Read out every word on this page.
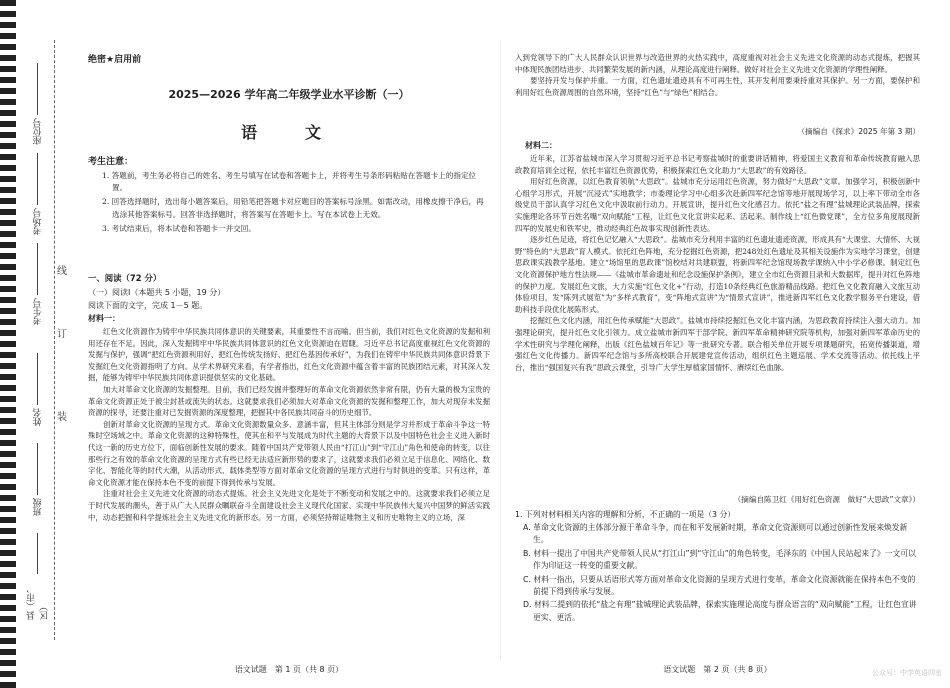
座位号
考场号
考生号
姓名
班级
县（市、区）
线
订
装
绝密★启用前
2025—2026 学年高二年级学业水平诊断（一）
语　文
考生注意：

1. 答题前，考生务必将自己的姓名、考生号填写在试卷和答题卡上，并将考生号条形码粘贴在答题卡上的指定位置。

2. 回答选择题时，选出每小题答案后，用铅笔把答题卡对应题目的答案标号涂黑。如需改动，用橡皮擦干净后，再选涂其他答案标号。回答非选择题时，将答案写在答题卡上。写在本试卷上无效。

3. 考试结束后，将本试卷和答题卡一并交回。

一、阅读（72 分）
（一）阅读Ⅰ（本题共 5 小题，19 分）
阅读下面的文字，完成 1－5 题。
材料一：

红色文化资源作为铸牢中华民族共同体意识的关键要素，其重要性不言而喻。但当前，我们对红色文化资源的发掘和利用还存在不足。因此，深入发掘铸牢中华民族共同体意识的红色文化资源迫在眉睫。习近平总书记高度重视红色文化资源的发掘与保护，强调“把红色资源利用好、把红色传统发扬好、把红色基因传承好”，为我们在铸牢中华民族共同体意识背景下发掘红色文化资源指明了方向。从学术界研究来看，有学者指出，红色文化资源中蕴含着丰富的民族团结元素，对其深入发掘，能够为铸牢中华民族共同体意识提供坚实的文化基础。

加大对革命文化资源的发掘整理。目前，我们已经发掘并整理好的革命文化资源依然非常有限，仍有大量的极为宝贵的革命文化资源正处于被尘封甚或流失的状态。这就要求我们必须加大对革命文化资源的发掘和整理工作，加大对现存未发掘资源的探寻，还要注重对已发掘资源的深度整理，把握其中各民族共同奋斗的历史细节。

创新对革命文化资源的呈现方式。革命文化资源数量众多、意涵丰富，但其主体部分则是学习并形成于革命斗争这一特殊时空场域之中。革命文化资源的这种特殊性，使其在和平与发展成为时代主题的大背景下以及中国特色社会主义进入新时代这一新的历史方位下，面临创新性发展的要求。随着中国共产党带领人民由“打江山”到“守江山”角色和使命的转变，以往那些行之有效的革命文化资源的呈现方式有些已经无法适应新形势的要求了，这就要求我们必须立足于信息化、网络化、数字化、智能化等的时代大潮，从活动形式、载体类型等方面对革命文化资源的呈现方式进行与时俱进的变革。只有这样，革命文化资源才能在保持本色不变的前提下得到传承与发展。

注重对社会主义先进文化资源的动态式提炼。社会主义先进文化是处于不断变动和发展之中的。这就要求我们必须立足于时代发展的潮头，善于从广大人民群众瞩联奋斗全面建设社会主义现代化国家、实现中华民族伟大复兴中国梦的鲜活实践中，动态把握和科学提炼社会主义先进文化的新形态。另一方面，必须坚持辩证唯物主义和历史唯物主义的立场，深

语文试题　第 1 页（共 8 页）

入到党领导下的广大人民群众认识世界与改造世界的火热实践中，高度重视对社会主义先进文化资源的动态式提炼，把握其中体现民族团结进步、共同繁荣发展的新内涵，从理论高度进行阐释。做好对社会主义先进文化资源的学理性阐释。

要坚持开发与保护并重。一方面，红色遗址遗迹具有不可再生性，其开发利用要秉持重对其保护。另一方面，要保护和利用好红色资源周围的自然环境，坚持“红色”与“绿色”相结合。

（摘编自《探求》2025 年第 3 期）
材料二：

近年来，江苏省盐城市深入学习贯彻习近平总书记考察盐城时的重要讲话精神，将爱国主义教育和革命传统教育融入思政教育培训全过程，依托丰富红色资源优势，积极探索红色文化助力“大思政”的有效路径。

用好红色资源，以红色教育领航“大思政”。盐城市充分运用红色资源，努力做好“大思政”文章。加强学习，积极创新中心组学习形式，开展“沉浸式”实地教学；市委理论学习中心组多次赴新四军纪念馆等地开展现场学习，以上率下带动全市各级党员干部认真学习红色文化中汲取前行动力。开展宣讲，提升红色文化感召力。依托“盐之有理”盐城理论武装品牌，探索实施理论各环节百姓名嘴“双向赋能”工程，让红色文化宣讲实起来、活起来。制作线上“红色微党课”，全方位多角度展现新四军的发展史和铁军史，推动经典红色故事实现创新性表达。

逐步红色足迹，将红色记忆融入“大思政”。盐城市充分利用丰富的红色遗址遗迹资源，形成具有“大课堂、大情怀、大视野”特色的“大思政”育人模式。依托红色阵地，充分挖掘红色资源，把248处红色遗址及其相关设施作为实地学习课堂，创建思政课实践教学基地。建立“场馆里的思政课”馆校结对共建联盟，将新四军纪念馆现场教学课纳入中小学必修课。制定红色文化资源保护地方性法规——《盐城市革命遗址和纪念设施保护条例》，建立全市红色资源目录和大数据库，提升对红色阵地的保护力度。发展红色文旅，大力实施“红色文化+”行动，打造10条经典红色旅游精品线路。把红色文化教育融入文旅互动体验项目，发“陈列式展览”为“多样式教育”，变“阵地式宣讲”为“情景式宣讲”，推进新四军红色文化教学服务平台建设，借助科技手段优化展陈形式。

挖掘红色文化内涵，用红色传承赋能“大思政”。盐城市持续挖掘红色文化丰富内涵，为思政教育持续注入强大动力。加强理论研究，提升红色文化引领力。成立盐城市新四军干部学院、新四军革命精神研究院等机构，加强对新四军革命历史的学术性研究与学理化阐释，出版《红色盐城百年记》等一批研究专著。联合相关单位开展专项课题研究，拓宽传播渠道，增强红色文化传播力。新四军纪念馆与多所高校联合开展建党宣传活动，组织红色主题巡展、学术交流等活动。依托线上平台，推出“强国复兴有我”思政云课堂，引导广大学生厚植家国情怀、赓续红色血脉。

（摘编自陈卫红《用好红色资源　做好“大思政”文章》）
1. 下列对材料相关内容的理解和分析，不正确的一项是（3 分）

A. 革命文化资源的主体部分源于革命斗争，而在和平发展新时期，革命文化资源则可以通过创新性发展来焕发新生。

B. 材料一提出了中国共产党带领人民从“打江山”到“守江山”的角色转变，毛泽东的《中国人民站起来了》一文可以作为印证这一转变的重要文献。

C. 材料一指出，只要从话语形式等方面对革命文化资源的呈现方式进行变革，革命文化资源就能在保持本色不变的前提下得到传承与发展。

D. 材料二提到的依托“盐之有理”盐城理论武装品牌，探索实施理论高度与群众语言的“双向赋能”工程，让红色宣讲更实、更活。

语文试题　第 2 页（共 8 页）	公众号：中学英语四室
